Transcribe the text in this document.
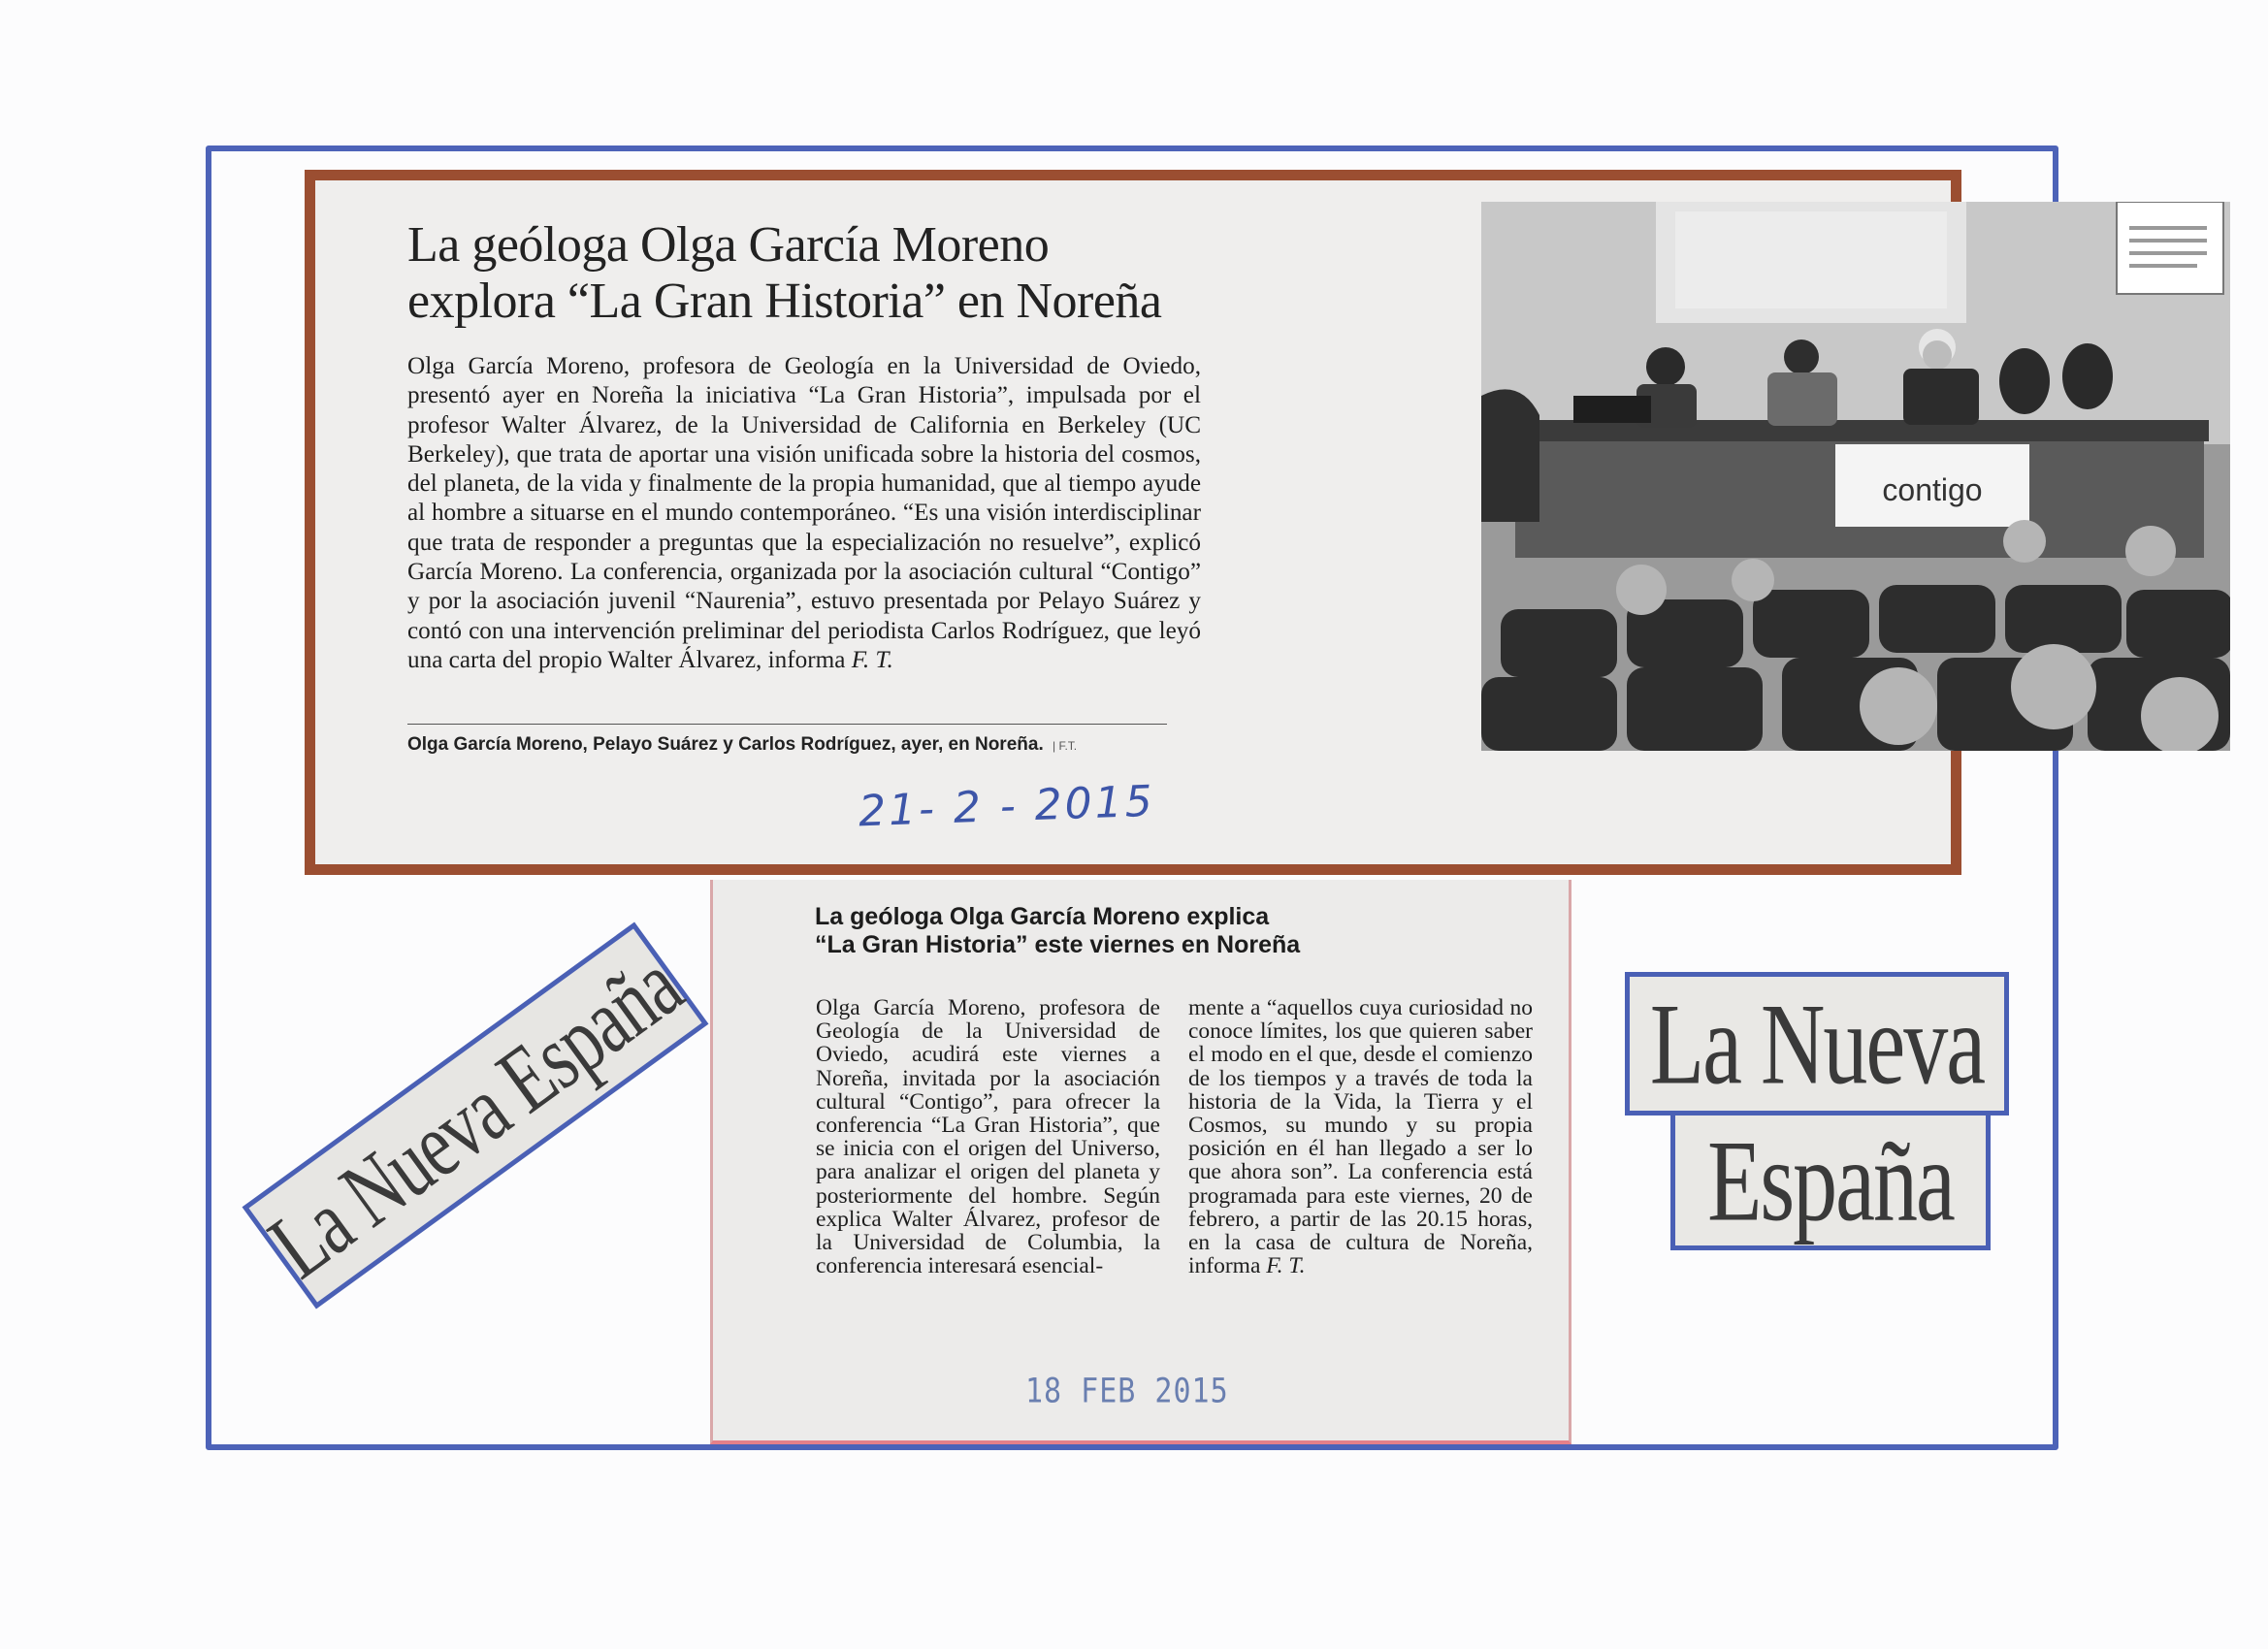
La geóloga Olga García Moreno
explora “La Gran Historia” en Noreña
Olga García Moreno, profesora de Geología en la Universidad de Oviedo, presentó ayer en Noreña la iniciativa “La Gran Historia”, impulsada por el profesor Walter Álvarez, de la Universidad de California en Berkeley (UC Berkeley), que trata de aportar una visión unificada sobre la historia del cosmos, del planeta, de la vida y finalmente de la propia humanidad, que al tiempo ayude al hombre a situarse en el mundo contemporáneo. “Es una visión interdisciplinar que trata de responder a preguntas que la especialización no resuelve”, explicó García Moreno. La conferencia, organizada por la asociación cultural “Contigo” y por la asociación juvenil “Naurenia”, estuvo presentada por Pelayo Suárez y contó con una intervención preliminar del periodista Carlos Rodríguez, que leyó una carta del propio Walter Álvarez, informa F. T.
Olga García Moreno, Pelayo Suárez y Carlos Rodríguez, ayer, en Noreña. | F.T.
21- 2 - 2015
contigo
La geóloga Olga García Moreno explica
“La Gran Historia” este viernes en Noreña
Olga García Moreno, profesora de Geología de la Universidad de Oviedo, acudirá este viernes a Noreña, invitada por la asociación cultural “Contigo”, para ofrecer la conferencia “La Gran Historia”, que se inicia con el origen del Universo, para analizar el origen del planeta y posteriormente del hombre. Según explica Walter Álvarez, profesor de la Universidad de Columbia, la conferencia interesará esencial-
mente a “aquellos cuya curiosidad no conoce límites, los que quieren saber el modo en el que, desde el comienzo de los tiempos y a través de toda la historia de la Vida, la Tierra y el Cosmos, su mundo y su propia posición en él han llegado a ser lo que ahora son”. La conferencia está programada para este viernes, 20 de febrero, a partir de las 20.15 horas, en la casa de cultura de Noreña, informa F. T.
18 FEB 2015
La Nueva España	La Nueva
España
